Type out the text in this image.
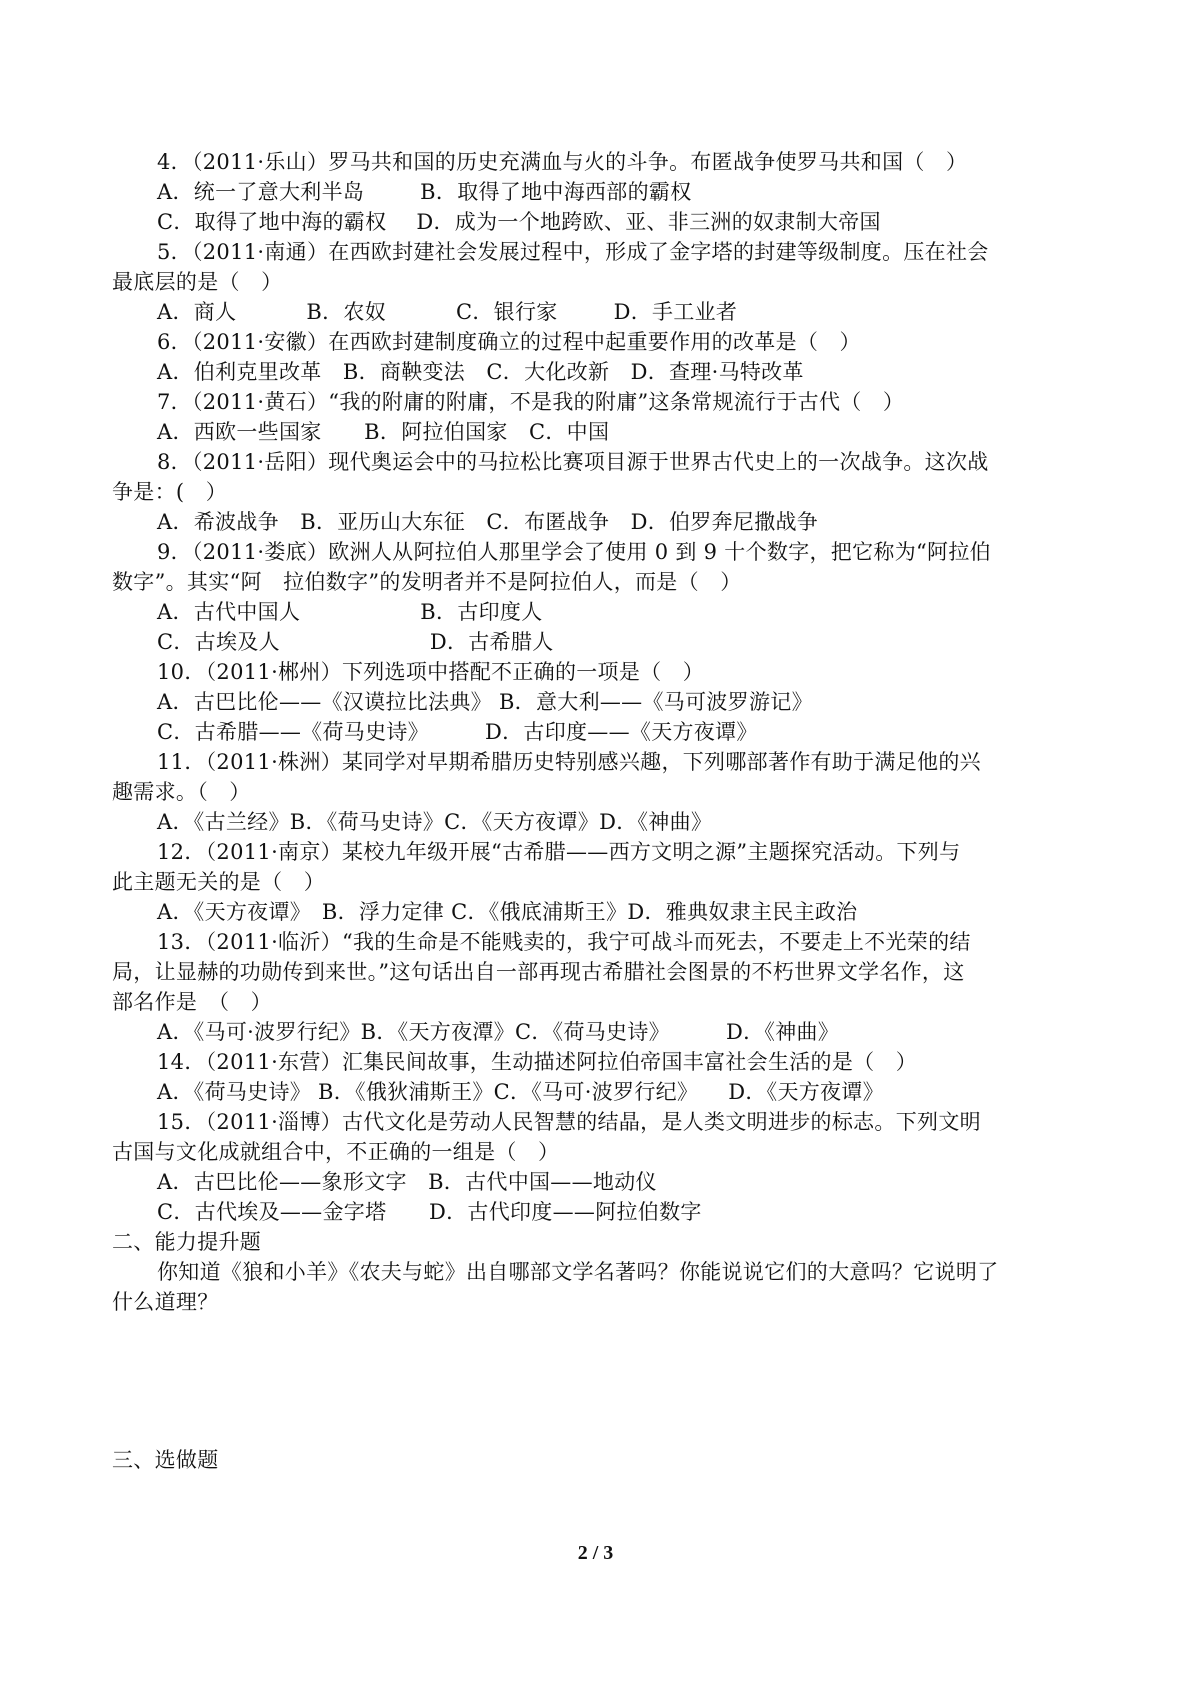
4．（2011·乐山）罗马共和国的历史充满血与火的斗争。布匿战争使罗马共和国（　）
A．统一了意大利半岛	B．取得了地中海西部的霸权
C．取得了地中海的霸权 D．成为一个地跨欧、亚、非三洲的奴隶制大帝国
5．（2011·南通）在西欧封建社会发展过程中，形成了金字塔的封建等级制度。压在社会
最底层的是（　）
A．商人	B．农奴	C．银行家	D．手工业者
6．（2011·安徽）在西欧封建制度确立的过程中起重要作用的改革是（　）
A．伯利克里改革　B．商鞅变法　C．大化改新　D．查理·马特改革
7．（2011·黄石）“我的附庸的附庸，不是我的附庸”这条常规流行于古代（　）
A．西欧一些国家　　B．阿拉伯国家　C．中国
8．（2011·岳阳）现代奥运会中的马拉松比赛项目源于世界古代史上的一次战争。这次战
争是：(　）
A．希波战争　B．亚历山大东征　C．布匿战争　D．伯罗奔尼撒战争
9．（2011·娄底）欧洲人从阿拉伯人那里学会了使用 0 到 9 十个数字，把它称为“阿拉伯
数字”。其实“阿　拉伯数字”的发明者并不是阿拉伯人，而是（　）
A．古代中国人	B．古印度人
C．古埃及人	D．古希腊人
10．（2011·郴州）下列选项中搭配不正确的一项是（　）
A．古巴比伦——《汉谟拉比法典》 B．意大利——《马可波罗游记》
C．古希腊——《荷马史诗》	D．古印度——《天方夜谭》
11．（2011·株洲）某同学对早期希腊历史特别感兴趣，下列哪部著作有助于满足他的兴
趣需求。（　）
A．《古兰经》B．《荷马史诗》C．《天方夜谭》D．《神曲》
12．（2011·南京）某校九年级开展“古希腊——西方文明之源”主题探究活动。下列与
此主题无关的是（　）
A．《天方夜谭》　B．浮力定律 C．《俄底浦斯王》D．雅典奴隶主民主政治
13．（2011·临沂）“我的生命是不能贱卖的，我宁可战斗而死去，不要走上不光荣的结
局，让显赫的功勋传到来世。”这句话出自一部再现古希腊社会图景的不朽世界文学名作，这
部名作是　（　）
A．《马可·波罗行纪》B．《天方夜潭》C．《荷马史诗》	D．《神曲》
14．（2011·东营）汇集民间故事，生动描述阿拉伯帝国丰富社会生活的是（　）
A．《荷马史诗》 B．《俄狄浦斯王》C．《马可·波罗行纪》 D．《天方夜谭》
15．（2011·淄博）古代文化是劳动人民智慧的结晶，是人类文明进步的标志。下列文明
古国与文化成就组合中，不正确的一组是（　）
A．古巴比伦——象形文字　B．古代中国——地动仪
C．古代埃及——金字塔　　D．古代印度——阿拉伯数字
二、能力提升题
你知道《狼和小羊》《农夫与蛇》出自哪部文学名著吗？你能说说它们的大意吗？它说明了
什么道理？
三、选做题
2 / 3
